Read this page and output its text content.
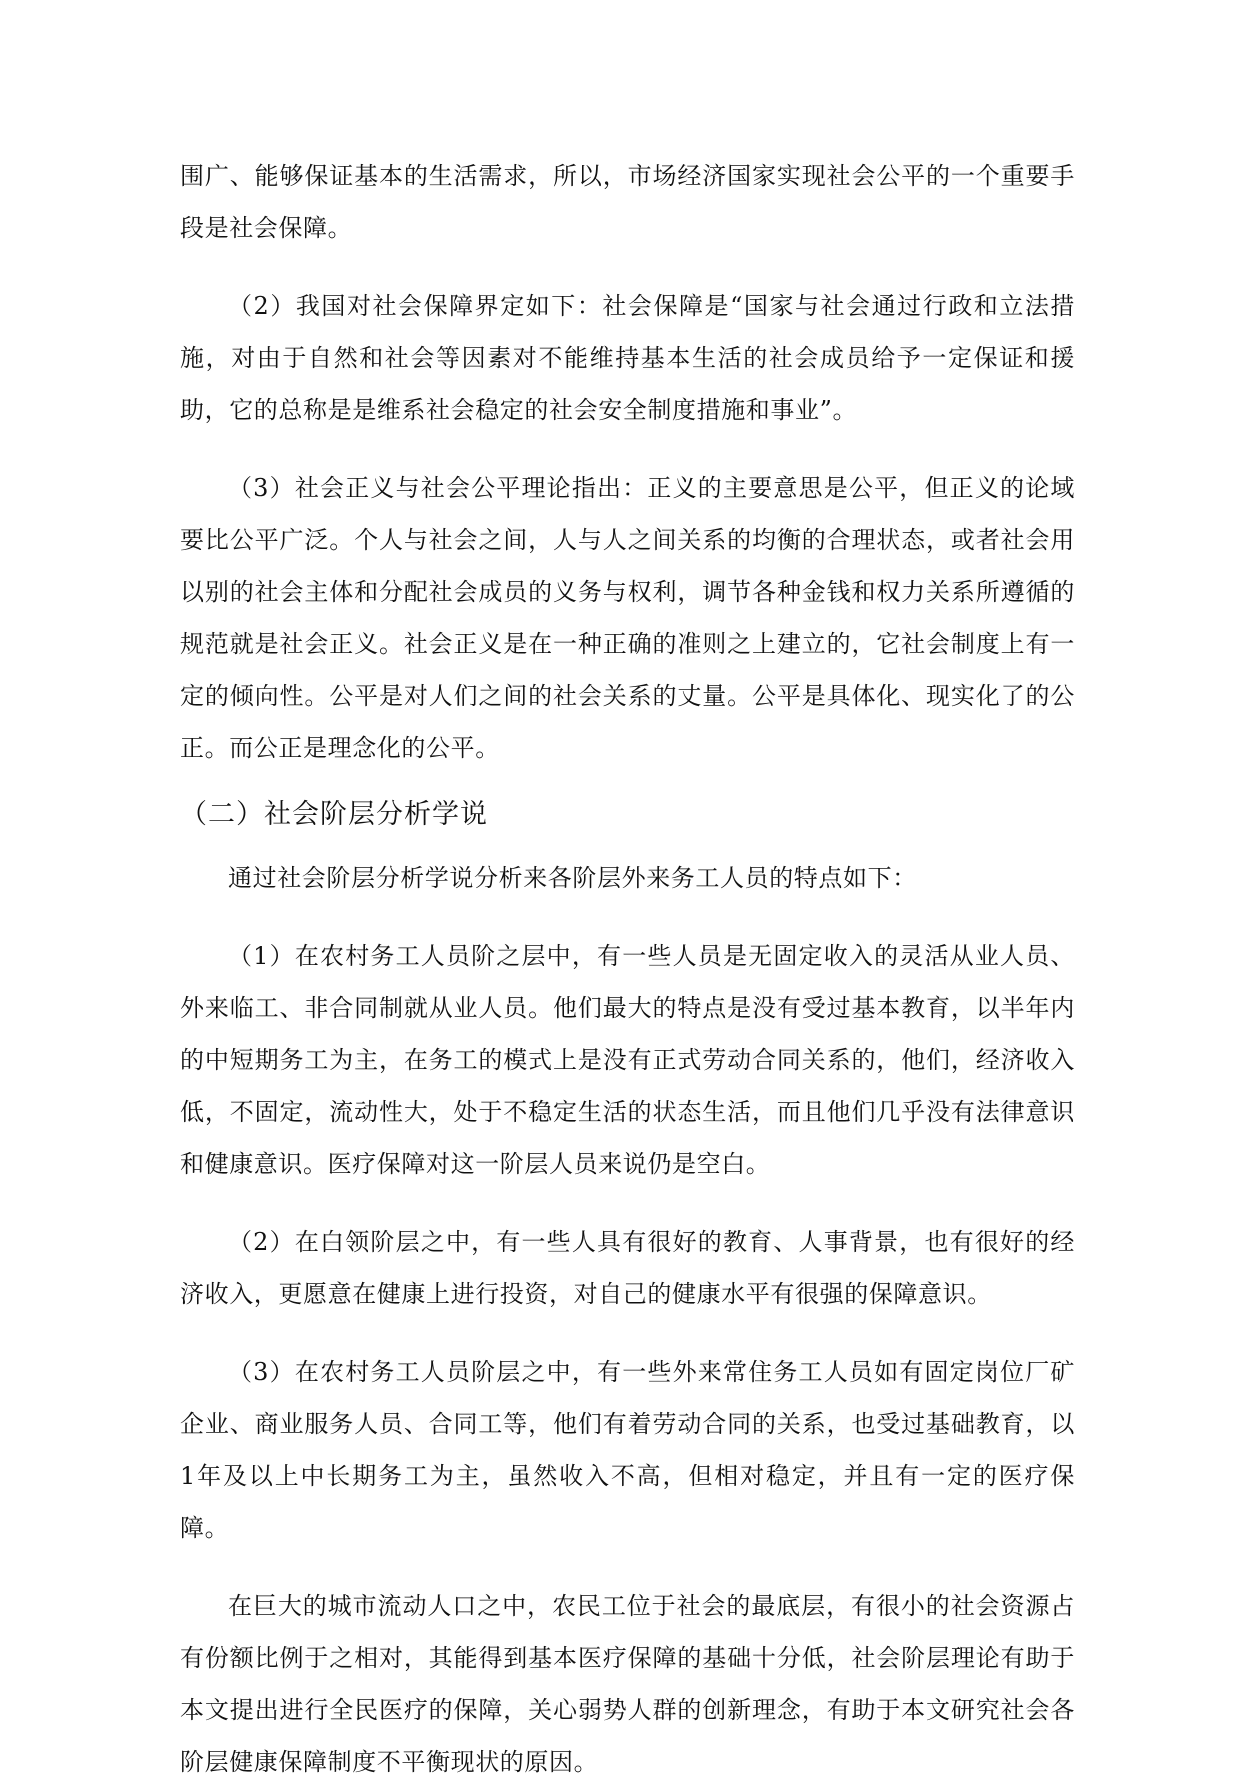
围广、能够保证基本的生活需求，所以，市场经济国家实现社会公平的一个重要手段是社会保障。

（2）我国对社会保障界定如下：社会保障是“国家与社会通过行政和立法措施，对由于自然和社会等因素对不能维持基本生活的社会成员给予一定保证和援助，它的总称是是维系社会稳定的社会安全制度措施和事业”。

（3）社会正义与社会公平理论指出：正义的主要意思是公平，但正义的论域要比公平广泛。个人与社会之间，人与人之间关系的均衡的合理状态，或者社会用以别的社会主体和分配社会成员的义务与权利，调节各种金钱和权力关系所遵循的规范就是社会正义。社会正义是在一种正确的准则之上建立的，它社会制度上有一定的倾向性。公平是对人们之间的社会关系的丈量。公平是具体化、现实化了的公正。而公正是理念化的公平。

（二）社会阶层分析学说

通过社会阶层分析学说分析来各阶层外来务工人员的特点如下：

（1）在农村务工人员阶之层中，有一些人员是无固定收入的灵活从业人员、外来临工、非合同制就从业人员。他们最大的特点是没有受过基本教育，以半年内的中短期务工为主，在务工的模式上是没有正式劳动合同关系的，他们，经济收入低，不固定，流动性大，处于不稳定生活的状态生活，而且他们几乎没有法律意识和健康意识。医疗保障对这一阶层人员来说仍是空白。

（2）在白领阶层之中，有一些人具有很好的教育、人事背景，也有很好的经济收入，更愿意在健康上进行投资，对自己的健康水平有很强的保障意识。

（3）在农村务工人员阶层之中，有一些外来常住务工人员如有固定岗位厂矿企业、商业服务人员、合同工等，他们有着劳动合同的关系，也受过基础教育，以1年及以上中长期务工为主，虽然收入不高，但相对稳定，并且有一定的医疗保障。

在巨大的城市流动人口之中，农民工位于社会的最底层，有很小的社会资源占有份额比例于之相对，其能得到基本医疗保障的基础十分低，社会阶层理论有助于本文提出进行全民医疗的保障，关心弱势人群的创新理念，有助于本文研究社会各阶层健康保障制度不平衡现状的原因。
